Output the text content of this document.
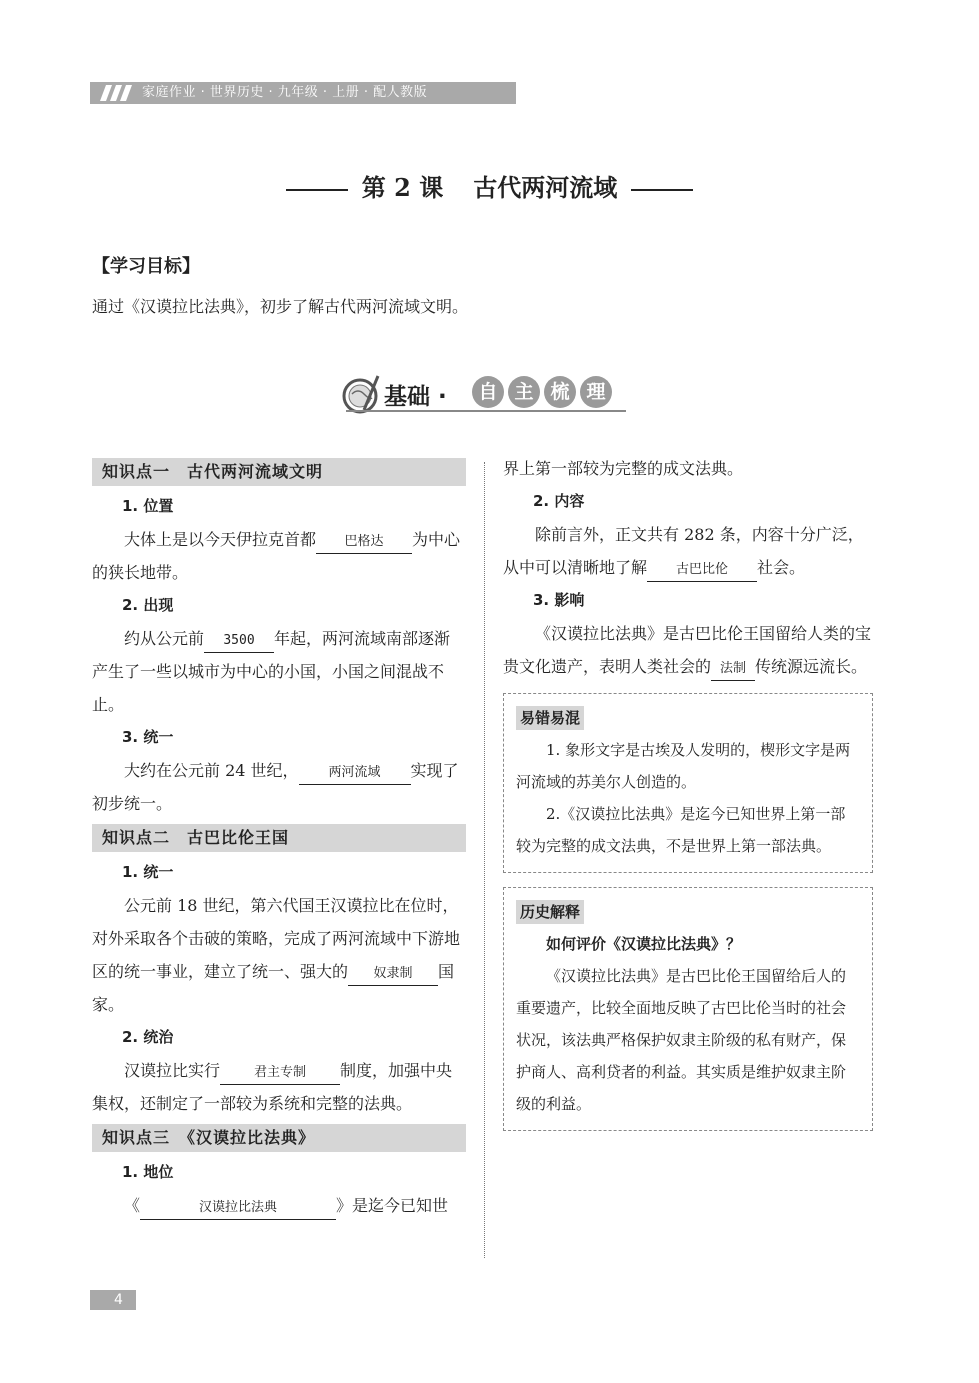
家庭作业 · 世界历史 · 九年级 · 上册 · 配人教版
第 2 课 古代两河流域
【学习目标】
通过《汉谟拉比法典》，初步了解古代两河流域文明。
基础 ·	自 主 梳 理

知识点一　古代两河流域文明

1. 位置

大体上是以今天伊拉克首都 巴格达 为中心的狭长地带。

2. 出现

约从公元前 3500 年起，两河流域南部逐渐产生了一些以城市为中心的小国，小国之间混战不止。

3. 统一

大约在公元前 24 世纪， 两河流域 实现了初步统一。

知识点二　古巴比伦王国

1. 统一

公元前 18 世纪，第六代国王汉谟拉比在位时，对外采取各个击破的策略，完成了两河流域中下游地区的统一事业，建立了统一、强大的 奴隶制 国家。

2. 统治

汉谟拉比实行	君主专制 制度，加强中央集权，还制定了一部较为系统和完整的法典。

知识点三　《汉谟拉比法典》

1. 地位

《	汉谟拉比法典	》是迄今已知世

界上第一部较为完整的成文法典。

2. 内容

除前言外，正文共有 282 条，内容十分广泛，从中可以清晰地了解 古巴比伦 社会。

3. 影响

《汉谟拉比法典》是古巴比伦王国留给人类的宝贵文化遗产，表明人类社会的 法制 传统源远流长。

易错易混

1. 象形文字是古埃及人发明的，楔形文字是两河流域的苏美尔人创造的。

2.《汉谟拉比法典》是迄今已知世界上第一部较为完整的成文法典，不是世界上第一部法典。

历史解释

如何评价《汉谟拉比法典》？

《汉谟拉比法典》是古巴比伦王国留给后人的重要遗产，比较全面地反映了古巴比伦当时的社会状况，该法典严格保护奴隶主阶级的私有财产，保护商人、高利贷者的利益。其实质是维护奴隶主阶级的利益。

4
